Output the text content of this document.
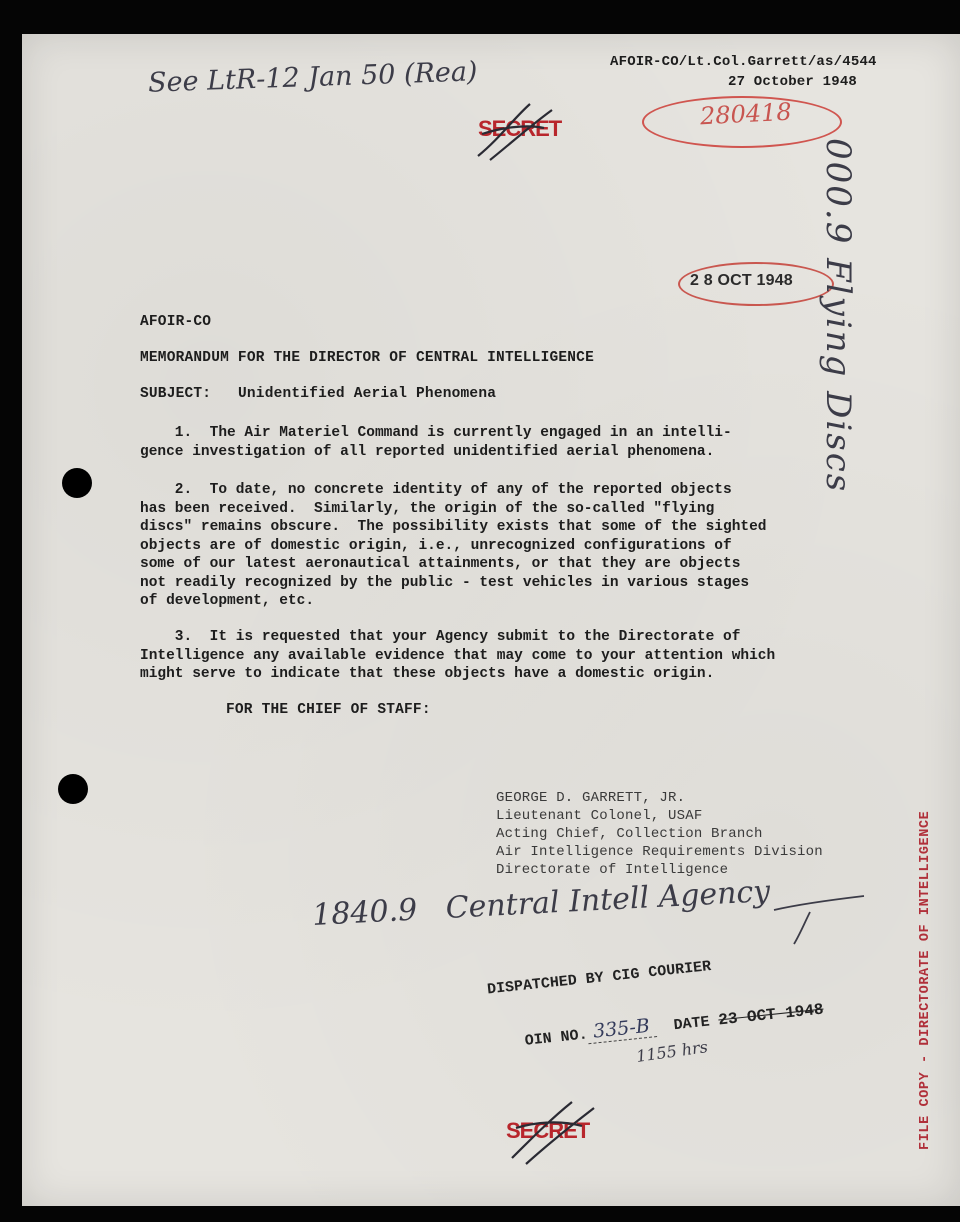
See LtR-12 Jan 50 (Rea)	AFOIR-CO/Lt.Col.Garrett/as/4544
27 October 1948
280418
SECRET
2 8 OCT 1948 000.9 Flying Discs
AFOIR-CO
MEMORANDUM FOR THE DIRECTOR OF CENTRAL INTELLIGENCE
SUBJECT: Unidentified Aerial Phenomena
1.  The Air Materiel Command is currently engaged in an intelli-
gence investigation of all reported unidentified aerial phenomena.
2.  To date, no concrete identity of any of the reported objects
has been received.  Similarly, the origin of the so-called "flying
discs" remains obscure.  The possibility exists that some of the sighted
objects are of domestic origin, i.e., unrecognized configurations of
some of our latest aeronautical attainments, or that they are objects
not readily recognized by the public - test vehicles in various stages
of development, etc.
3.  It is requested that your Agency submit to the Directorate of
Intelligence any available evidence that may come to your attention which
might serve to indicate that these objects have a domestic origin.
FOR THE CHIEF OF STAFF:
GEORGE D. GARRETT, JR.
Lieutenant Colonel, USAF
Acting Chief, Collection Branch
Air Intelligence Requirements Division
Directorate of Intelligence
1840.9   Central Intell Agency
DISPATCHED BY CIG COURIER

OIN NO. 335-B DATE 23 OCT 1948

1155 hrs
SECRET	FILE COPY - DIRECTORATE OF INTELLIGENCE
